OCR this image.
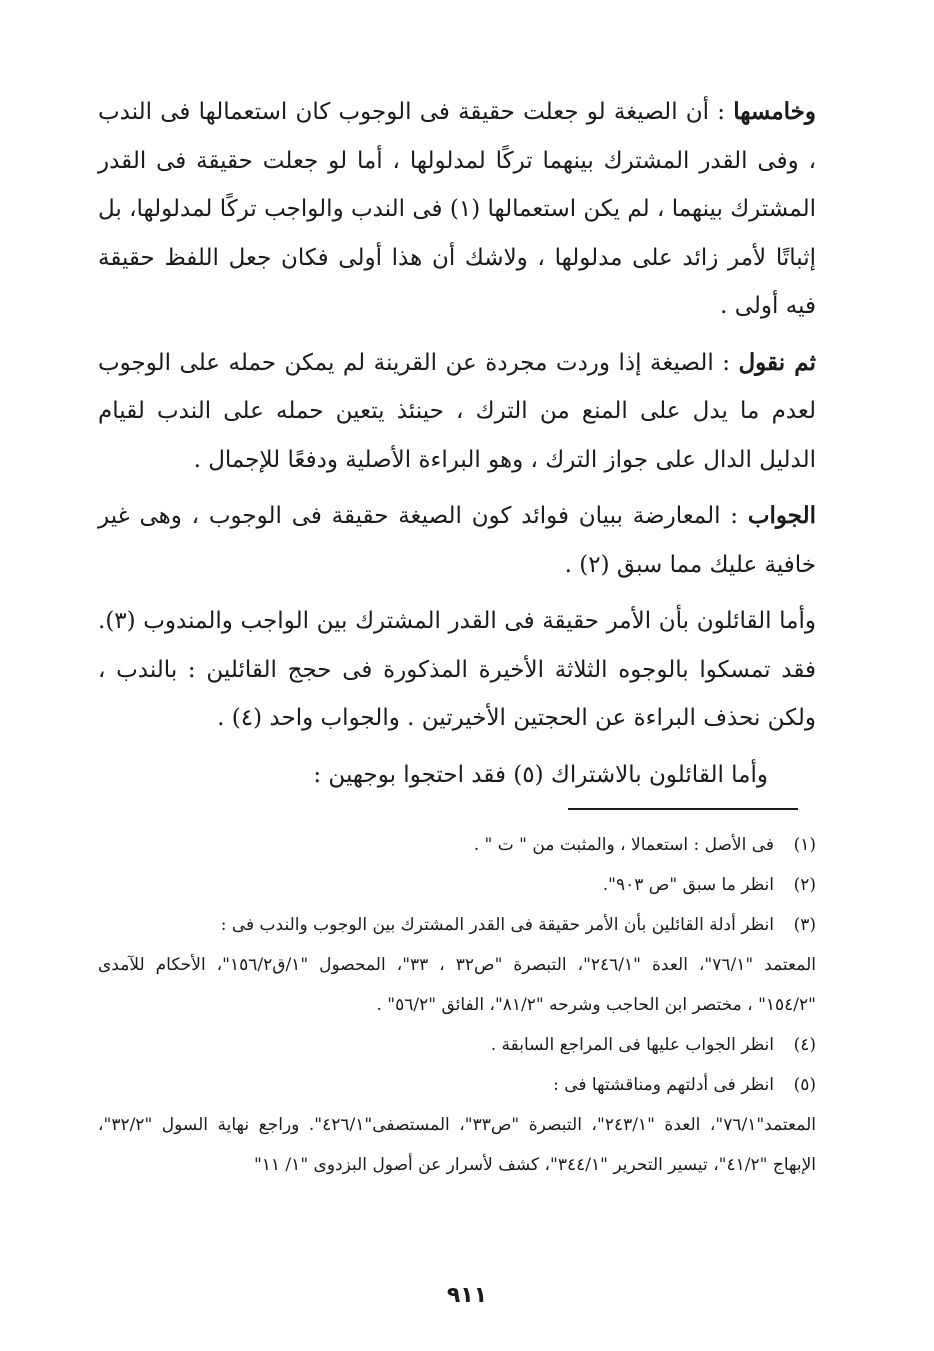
وخامسها : أن الصيغة لو جعلت حقيقة فى الوجوب كان استعمالها فى الندب ، وفى القدر المشترك بينهما تركًا لمدلولها ، أما لو جعلت حقيقة فى القدر المشترك بينهما ، لم يكن استعمالها (١) فى الندب والواجب تركًا لمدلولها، بل إثباتًا لأمر زائد على مدلولها ، ولاشك أن هذا أولى فكان جعل اللفظ حقيقة فيه أولى .

ثم نقول : الصيغة إذا وردت مجردة عن القرينة لم يمكن حمله على الوجوب لعدم ما يدل على المنع من الترك ، حينئذ يتعين حمله على الندب لقيام الدليل الدال على جواز الترك ، وهو البراءة الأصلية ودفعًا للإجمال .

الجواب : المعارضة ببيان فوائد كون الصيغة حقيقة فى الوجوب ، وهى غير خافية عليك مما سبق (٢) .

وأما القائلون بأن الأمر حقيقة فى القدر المشترك بين الواجب والمندوب (٣). فقد تمسكوا بالوجوه الثلاثة الأخيرة المذكورة فى حجج القائلين : بالندب ، ولكن نحذف البراءة عن الحجتين الأخيرتين . والجواب واحد (٤) .

وأما القائلون بالاشتراك (٥) فقد احتجوا بوجهين :

(١)فى الأصل : استعمالا ، والمثبت من " ت " .

(٢)انظر ما سبق "ص ٩٠٣".

(٣)انظر أدلة القائلين بأن الأمر حقيقة فى القدر المشترك بين الوجوب والندب فى :

المعتمد "٧٦/١"، العدة "٢٤٦/١"، التبصرة "ص٣٢ ، ٣٣"، المحصول "١/ق١٥٦/٢"، الأحكام للآمدى "١٥٤/٢" ، مختصر ابن الحاجب وشرحه "٨١/٢"، الفائق "٥٦/٢" .

(٤)انظر الجواب عليها فى المراجع السابقة .

(٥)انظر فى أدلتهم ومناقشتها فى :

المعتمد"٧٦/١"، العدة "٢٤٣/١"، التبصرة "ص٣٣"، المستصفى"٤٢٦/١". وراجع نهاية السول "٣٢/٢"، الإبهاج "٤١/٢"، تيسير التحرير "٣٤٤/١"، كشف لأسرار عن أصول البزدوى "١/ ١١"

٩١١
